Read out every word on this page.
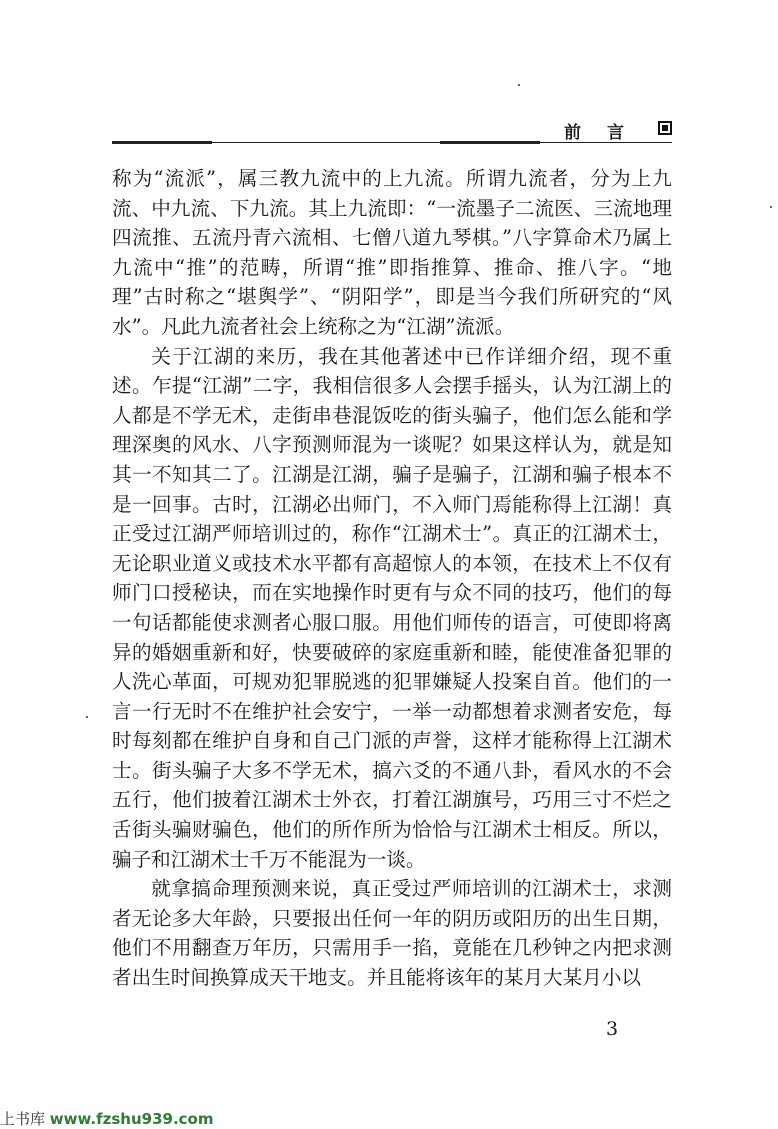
前言

称为“流派”，属三教九流中的上九流。所谓九流者，分为上九流、中九流、下九流。其上九流即：“一流墨子二流医、三流地理四流推、五流丹青六流相、七僧八道九琴棋。”八字算命术乃属上九流中“推”的范畴，所谓“推”即指推算、推命、推八字。“地理”古时称之“堪舆学”、“阴阳学”，即是当今我们所研究的“风水”。凡此九流者社会上统称之为“江湖”流派。

关于江湖的来历，我在其他著述中已作详细介绍，现不重述。乍提“江湖”二字，我相信很多人会摆手摇头，认为江湖上的人都是不学无术，走街串巷混饭吃的街头骗子，他们怎么能和学理深奥的风水、八字预测师混为一谈呢？如果这样认为，就是知其一不知其二了。江湖是江湖，骗子是骗子，江湖和骗子根本不是一回事。古时，江湖必出师门，不入师门焉能称得上江湖！真正受过江湖严师培训过的，称作“江湖术士”。真正的江湖术士，无论职业道义或技术水平都有高超惊人的本领，在技术上不仅有师门口授秘诀，而在实地操作时更有与众不同的技巧，他们的每一句话都能使求测者心服口服。用他们师传的语言，可使即将离异的婚姻重新和好，快要破碎的家庭重新和睦，能使准备犯罪的人洗心革面，可规劝犯罪脱逃的犯罪嫌疑人投案自首。他们的一言一行无时不在维护社会安宁，一举一动都想着求测者安危，每时每刻都在维护自身和自己门派的声誉，这样才能称得上江湖术士。街头骗子大多不学无术，搞六爻的不通八卦，看风水的不会五行，他们披着江湖术士外衣，打着江湖旗号，巧用三寸不烂之舌街头骗财骗色，他们的所作所为恰恰与江湖术士相反。所以，骗子和江湖术士千万不能混为一谈。

就拿搞命理预测来说，真正受过严师培训的江湖术士，求测者无论多大年龄，只要报出任何一年的阴历或阳历的出生日期，他们不用翻查万年历，只需用手一掐，竟能在几秒钟之内把求测者出生时间换算成天干地支。并且能将该年的某月大某月小以

3
上书库 www.fzshu939.com
